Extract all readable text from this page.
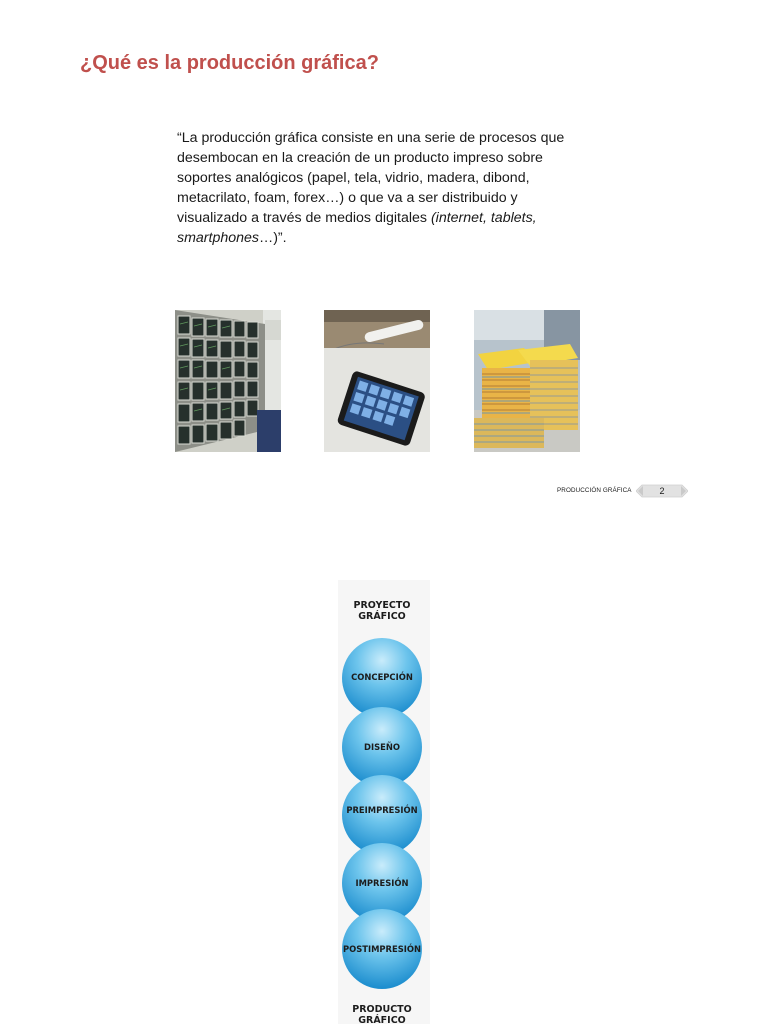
¿Qué es la producción gráfica?
“La producción gráfica consiste en una serie de procesos que
desembocan en la creación de un producto impreso sobre
soportes analógicos (papel, tela, vidrio, madera, dibond,
metacrilato, foam, forex…) o que va a ser distribuido y
visualizado a través de medios digitales (internet, tablets,
smartphones…)”.
PRODUCCIÓN GRÁFICA	2
PROYECTO
GRÁFICO
CONCEPCIÓN
DISEÑO
PREIMPRESIÓN
IMPRESIÓN
POSTIMPRESIÓN
PRODUCTO
GRÁFICO
